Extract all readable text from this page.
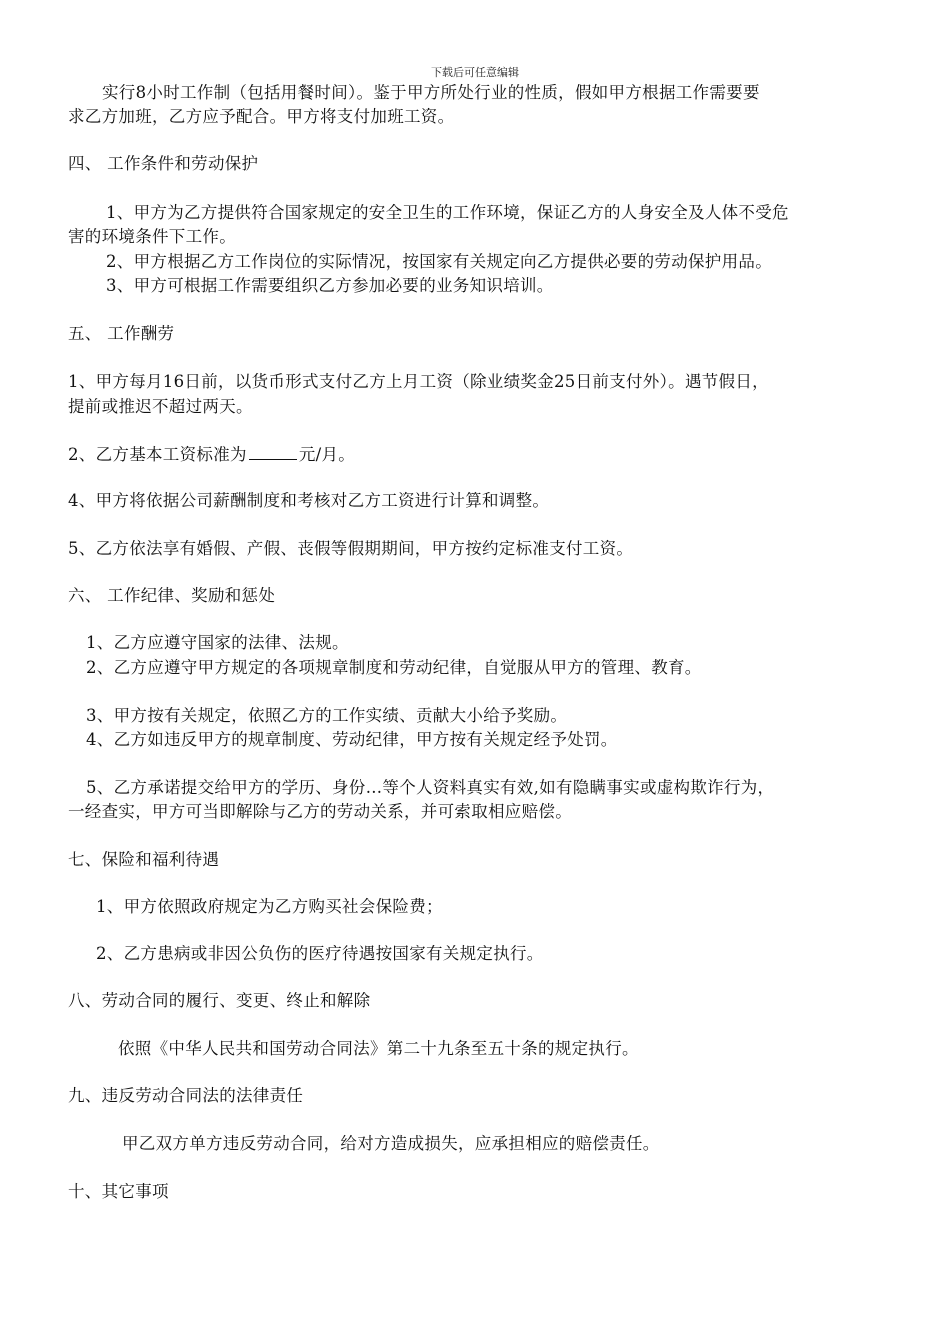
下载后可任意编辑
实行8小时工作制（包括用餐时间）。鉴于甲方所处行业的性质，假如甲方根据工作需要要
求乙方加班，乙方应予配合。甲方将支付加班工资。
四、 工作条件和劳动保护
1、甲方为乙方提供符合国家规定的安全卫生的工作环境，保证乙方的人身安全及人体不受危
害的环境条件下工作。
2、甲方根据乙方工作岗位的实际情况，按国家有关规定向乙方提供必要的劳动保护用品。
3、甲方可根据工作需要组织乙方参加必要的业务知识培训。
五、 工作酬劳
1、甲方每月16日前，以货币形式支付乙方上月工资（除业绩奖金25日前支付外）。遇节假日，
提前或推迟不超过两天。
2、乙方基本工资标准为	元/月。
4、甲方将依据公司薪酬制度和考核对乙方工资进行计算和调整。
5、乙方依法享有婚假、产假、丧假等假期期间，甲方按约定标准支付工资。
六、 工作纪律、奖励和惩处
1、乙方应遵守国家的法律、法规。
2、乙方应遵守甲方规定的各项规章制度和劳动纪律，自觉服从甲方的管理、教育。
3、甲方按有关规定，依照乙方的工作实绩、贡献大小给予奖励。
4、乙方如违反甲方的规章制度、劳动纪律，甲方按有关规定经予处罚。
5、乙方承诺提交给甲方的学历、身份…等个人资料真实有效,如有隐瞒事实或虚构欺诈行为，
一经查实，甲方可当即解除与乙方的劳动关系，并可索取相应赔偿。
七、保险和福利待遇
1、甲方依照政府规定为乙方购买社会保险费；
2、乙方患病或非因公负伤的医疗待遇按国家有关规定执行。
八、劳动合同的履行、变更、终止和解除
依照《中华人民共和国劳动合同法》第二十九条至五十条的规定执行。
九、违反劳动合同法的法律责任
甲乙双方单方违反劳动合同，给对方造成损失，应承担相应的赔偿责任。
十、其它事项
